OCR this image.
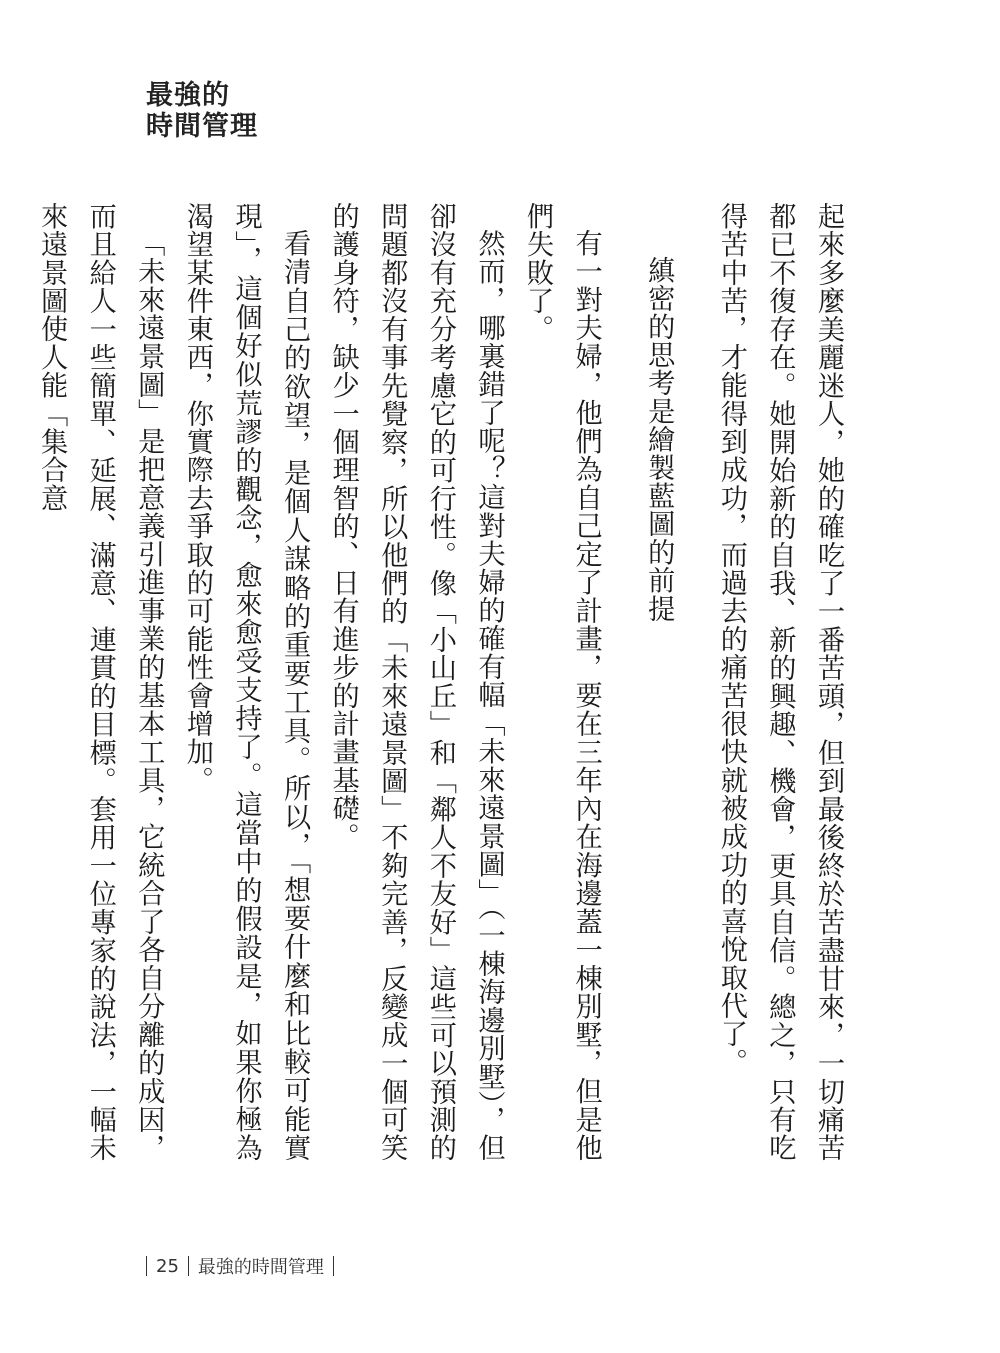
最強的
時間管理

起來多麼美麗迷人，她的確吃了一番苦頭，但到最後終於苦盡甘來，一切痛苦都已不復存在。她開始新的自我、新的興趣、機會，更具自信。總之，只有吃得苦中苦，才能得到成功，而過去的痛苦很快就被成功的喜悅取代了。

縝密的思考是繪製藍圖的前提

有一對夫婦，他們為自己定了計畫，要在三年內在海邊蓋一棟別墅，但是他們失敗了。

然而，哪裏錯了呢？這對夫婦的確有幅「未來遠景圖」（一棟海邊別墅），但卻沒有充分考慮它的可行性。像「小山丘」和「鄰人不友好」這些可以預測的問題都沒有事先覺察，所以他們的「未來遠景圖」不夠完善，反變成一個可笑的護身符，缺少一個理智的、日有進步的計畫基礎。

看清自己的欲望，是個人謀略的重要工具。所以，「想要什麼和比較可能實現」，這個好似荒謬的觀念，愈來愈受支持了。這當中的假設是，如果你極為渴望某件東西，你實際去爭取的可能性會增加。

「未來遠景圖」是把意義引進事業的基本工具，它統合了各自分離的成因，而且給人一些簡單、延展、滿意、連貫的目標。套用一位專家的說法，一幅未來遠景圖使人能「集合意

25 最強的時間管理
